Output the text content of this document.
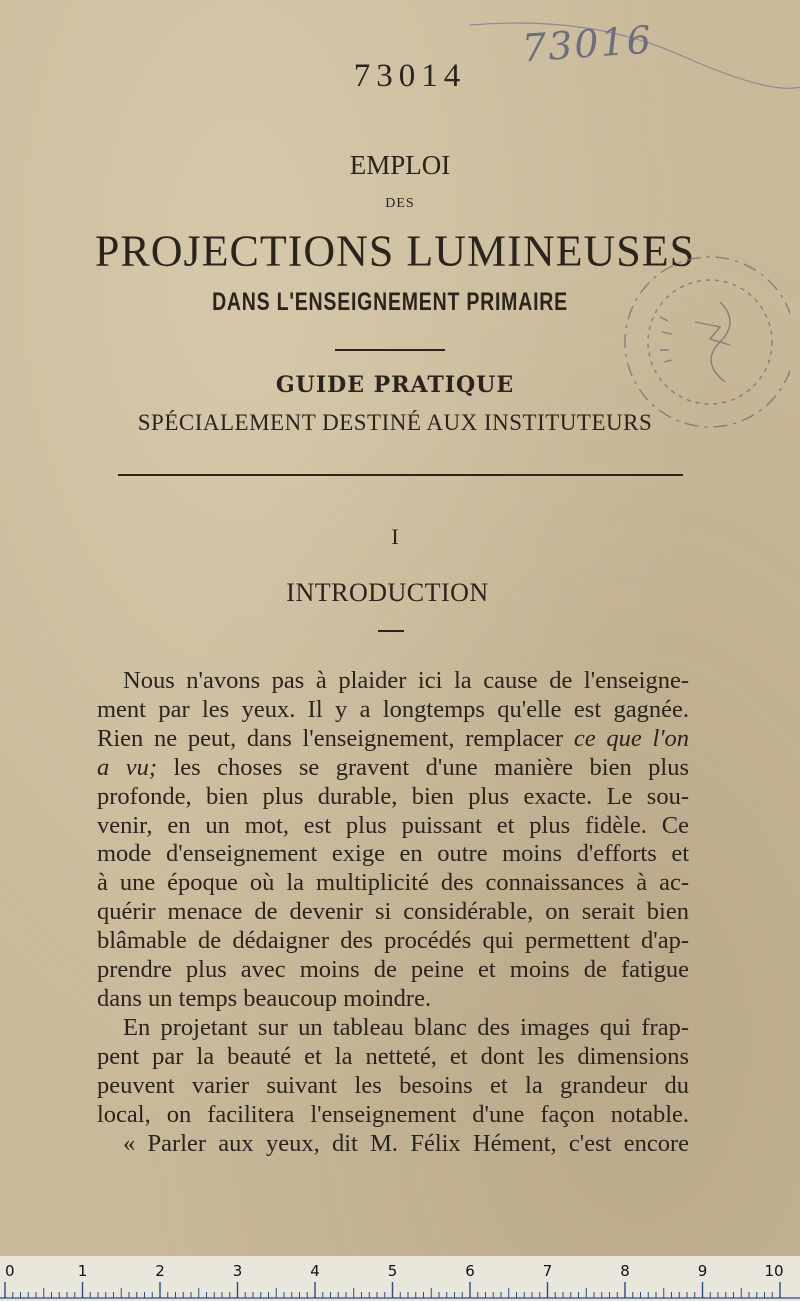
73014
73016
EMPLOI
DES
PROJECTIONS LUMINEUSES
DANS L'ENSEIGNEMENT PRIMAIRE
GUIDE PRATIQUE
SPÉCIALEMENT DESTINÉ AUX INSTITUTEURS
I
INTRODUCTION
Nous n'avons pas à plaider ici la cause de l'enseigne-
ment par les yeux. Il y a longtemps qu'elle est gagnée.
Rien ne peut, dans l'enseignement, remplacer ce que l'on
a vu; les choses se gravent d'une manière bien plus
profonde, bien plus durable, bien plus exacte. Le sou-
venir, en un mot, est plus puissant et plus fidèle. Ce
mode d'enseignement exige en outre moins d'efforts et
à une époque où la multiplicité des connaissances à ac-
quérir menace de devenir si considérable, on serait bien
blâmable de dédaigner des procédés qui permettent d'ap-
prendre plus avec moins de peine et moins de fatigue
dans un temps beaucoup moindre.
En projetant sur un tableau blanc des images qui frap-
pent par la beauté et la netteté, et dont les dimensions
peuvent varier suivant les besoins et la grandeur du
local, on facilitera l'enseignement d'une façon notable.
« Parler aux yeux, dit M. Félix Hément, c'est encore
0	1	2	3	4	5	6	7	8	9	10
